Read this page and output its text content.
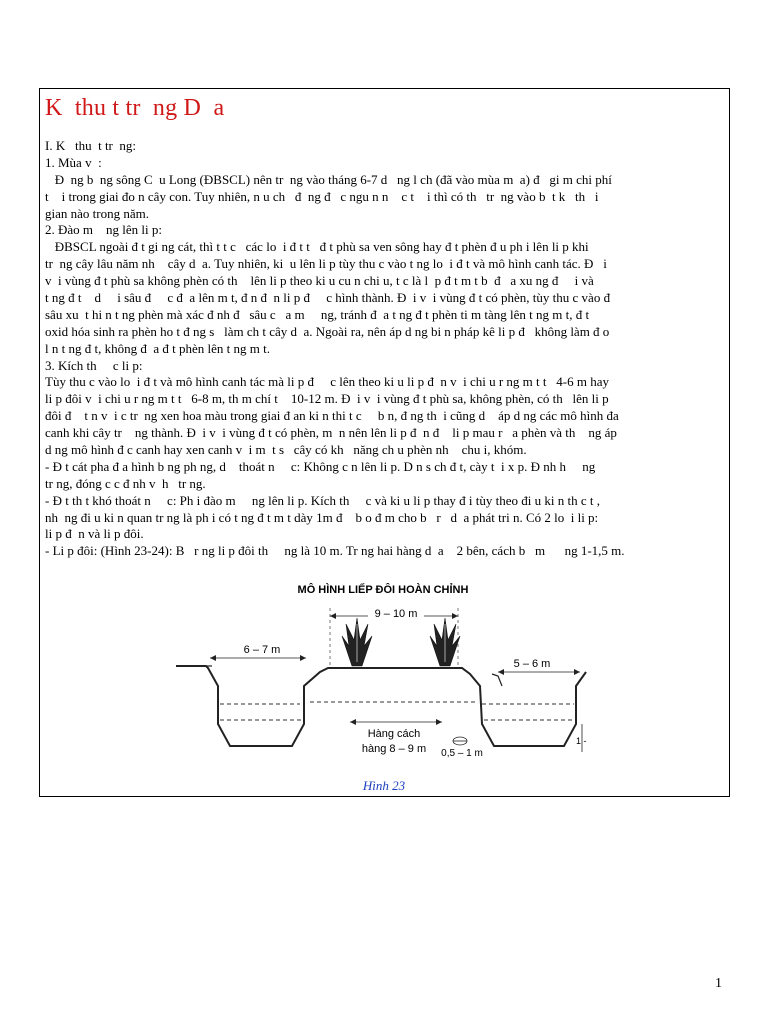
K  thu t tr  ng D  a
I. K   thu  t tr  ng:
1. Mùa v  :
Đ  ng b  ng sông C  u Long (ĐBSCL) nên tr  ng vào tháng 6-7 d   ng l ch (đã vào mùa m  a) đ   gi m chi phí
t    i trong giai đo n cây con. Tuy nhiên, n u ch   đ  ng đ   c ngu n n    c t    i thì có th   tr  ng vào b  t k   th   i
gian nào trong năm.
2. Đào m    ng lên li p:
ĐBSCL ngoài đ t gi ng cát, thì t t c   các lo  i đ t t   đ t phù sa ven sông hay đ t phèn đ u ph i lên li p khi
tr  ng cây lâu năm nh    cây d  a. Tuy nhiên, ki  u lên li p tùy thu c vào t ng lo  i đ t và mô hình canh tác. Đ   i
v  i vùng đ t phù sa không phèn có th    lên li p theo ki u cu n chi u, t c là l  p đ t m t b  đ   a xu ng đ     i và
t ng đ t    d     i sâu đ     c đ  a lên m t, đ n đ  n li p đ     c hình thành. Đ  i v  i vùng đ t có phèn, tùy thu c vào đ
sâu xu  t hi n t ng phèn mà xác đ nh đ   sâu c   a m     ng, tránh đ  a t ng đ t phèn ti m tàng lên t ng m t, đ t
oxid hóa sinh ra phèn ho t đ ng s   làm ch t cây d  a. Ngoài ra, nên áp d ng bi n pháp kê li p đ   không làm đ o
l n t ng đ t, không đ  a đ t phèn lên t ng m t.
3. Kích th     c li p:
Tùy thu c vào lo  i đ t và mô hình canh tác mà li p đ     c lên theo ki u li p đ  n v  i chi u r ng m t t   4-6 m hay
li p đôi v  i chi u r ng m t t   6-8 m, th m chí t    10-12 m. Đ  i v  i vùng đ t phù sa, không phèn, có th   lên li p
đôi đ    t n v  i c tr  ng xen hoa màu trong giai đ an ki n thi t c     b n, đ ng th  i cũng d    áp d ng các mô hình đa
canh khi cây tr    ng thành. Đ  i v  i vùng đ t có phèn, m  n nên lên li p đ  n đ    li p mau r   a phèn và th    ng áp
d ng mô hình đ c canh hay xen canh v  i m  t s   cây có kh   năng ch u phèn nh    chu i, khóm.
- Đ t cát pha đ a hình b ng ph ng, d    thoát n     c: Không c n lên li p. D n s ch đ t, cày t  i x p. Đ nh h     ng
tr ng, đóng c c đ nh v  h   tr ng.
- Đ t th t khó thoát n     c: Ph i đào m     ng lên li p. Kích th     c và ki u li p thay đ i tùy theo đi u ki n th c t ,
nh  ng đi u ki n quan tr ng là ph i có t ng đ t m t dày 1m đ    b o đ m cho b   r   d  a phát tri n. Có 2 lo  i li p:
li p đ  n và li p đôi.
- Li p đôi: (Hình 23-24): B   r ng li p đôi th     ng là 10 m. Tr ng hai hàng d  a    2 bên, cách b   m      ng 1-1,5 m.
MÔ HÌNH LIẾP ĐÔI HOÀN CHỈNH
9 – 10 m
6 – 7 m
5 – 6 m
Hàng cách
hàng 8 – 9 m 0,5 – 1 m
1 -
Hình 23
1
